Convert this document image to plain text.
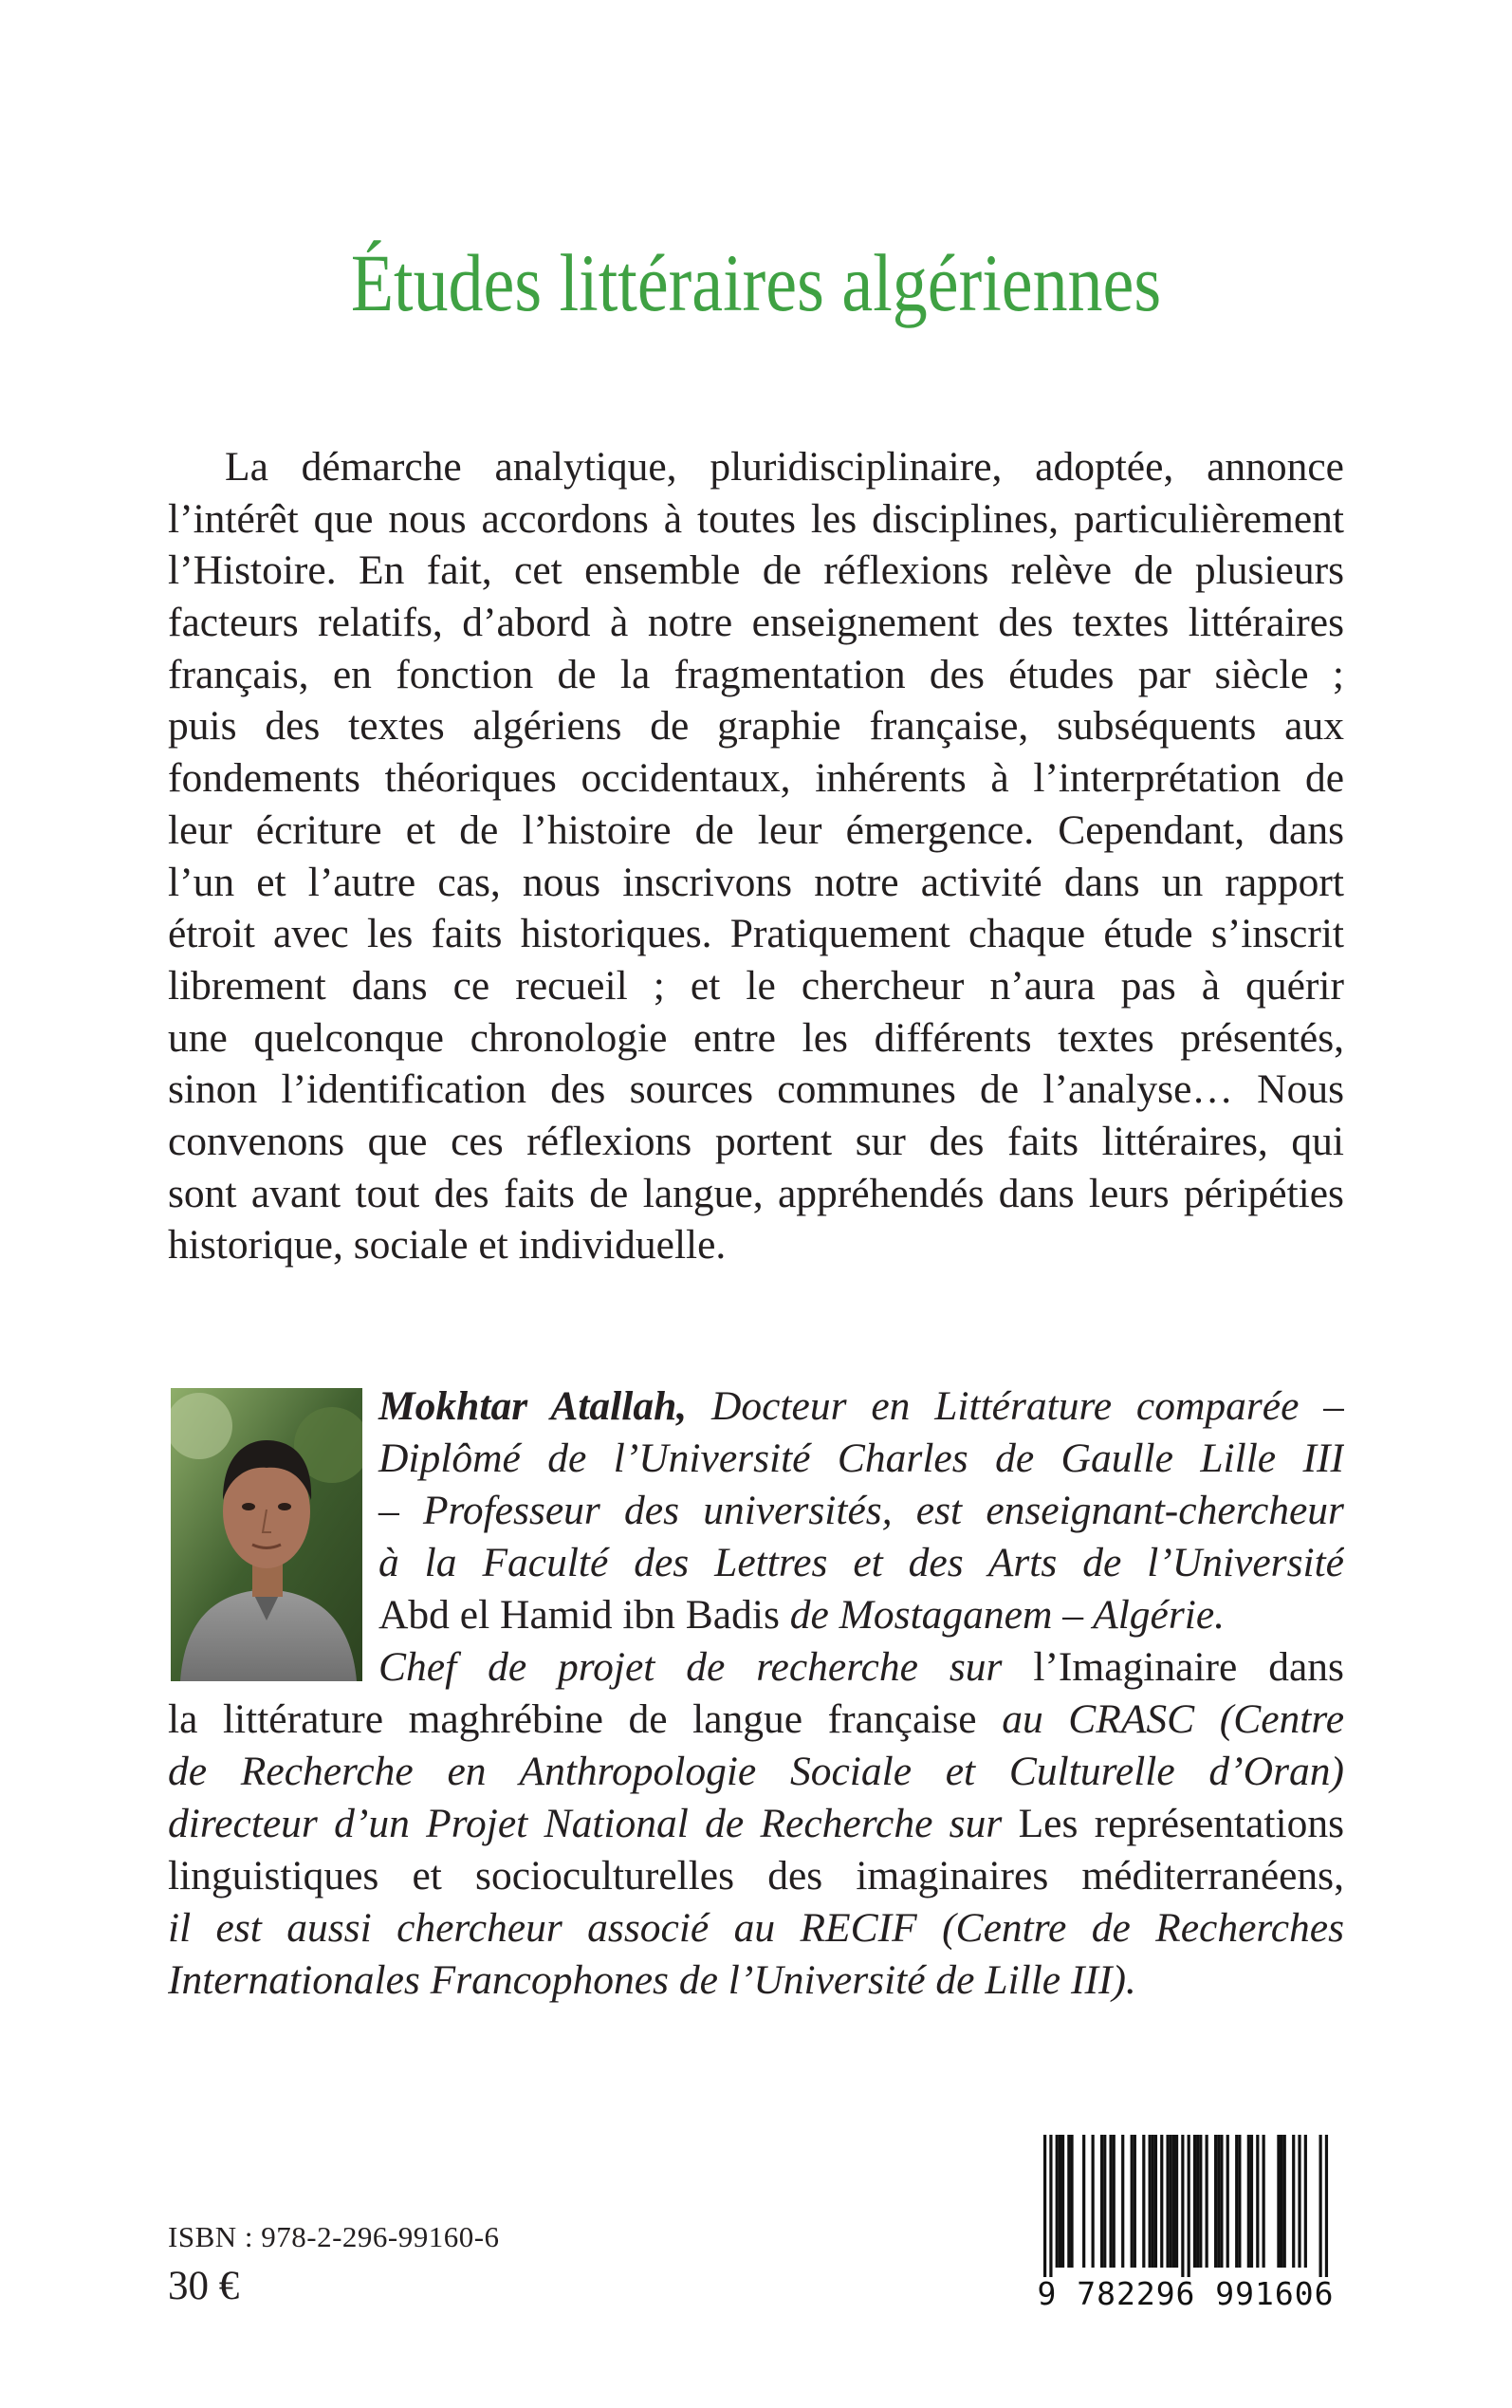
Études littéraires algériennes
La démarche analytique, pluridisciplinaire, adoptée, annonce
l’intérêt que nous accordons à toutes les disciplines, particulièrement
l’Histoire. En fait, cet ensemble de réflexions relève de plusieurs
facteurs relatifs, d’abord à notre enseignement des textes littéraires
français, en fonction de la fragmentation des études par siècle ;
puis des textes algériens de graphie française, subséquents aux
fondements théoriques occidentaux, inhérents à l’interprétation de
leur écriture et de l’histoire de leur émergence. Cependant, dans
l’un et l’autre cas, nous inscrivons notre activité dans un rapport
étroit avec les faits historiques. Pratiquement chaque étude s’inscrit
librement dans ce recueil ; et le chercheur n’aura pas à quérir
une quelconque chronologie entre les différents textes présentés,
sinon l’identification des sources communes de l’analyse… Nous
convenons que ces réflexions portent sur des faits littéraires, qui
sont avant tout des faits de langue, appréhendés dans leurs péripéties
historique, sociale et individuelle.
Mokhtar Atallah, Docteur en Littérature comparée –
Diplômé de l’Université Charles de Gaulle Lille III
– Professeur des universités, est enseignant-chercheur
à la Faculté des Lettres et des Arts de l’Université
Abd el Hamid ibn Badis de Mostaganem – Algérie.
Chef de projet de recherche sur l’Imaginaire dans
la littérature maghrébine de langue française au CRASC (Centre
de Recherche en Anthropologie Sociale et Culturelle d’Oran)
directeur d’un Projet National de Recherche sur Les représentations
linguistiques et socioculturelles des imaginaires méditerranéens,
il est aussi chercheur associé au RECIF (Centre de Recherches
Internationales Francophones de l’Université de Lille III).
ISBN : 978-2-296-99160-6
30 €	9 782296 991606
